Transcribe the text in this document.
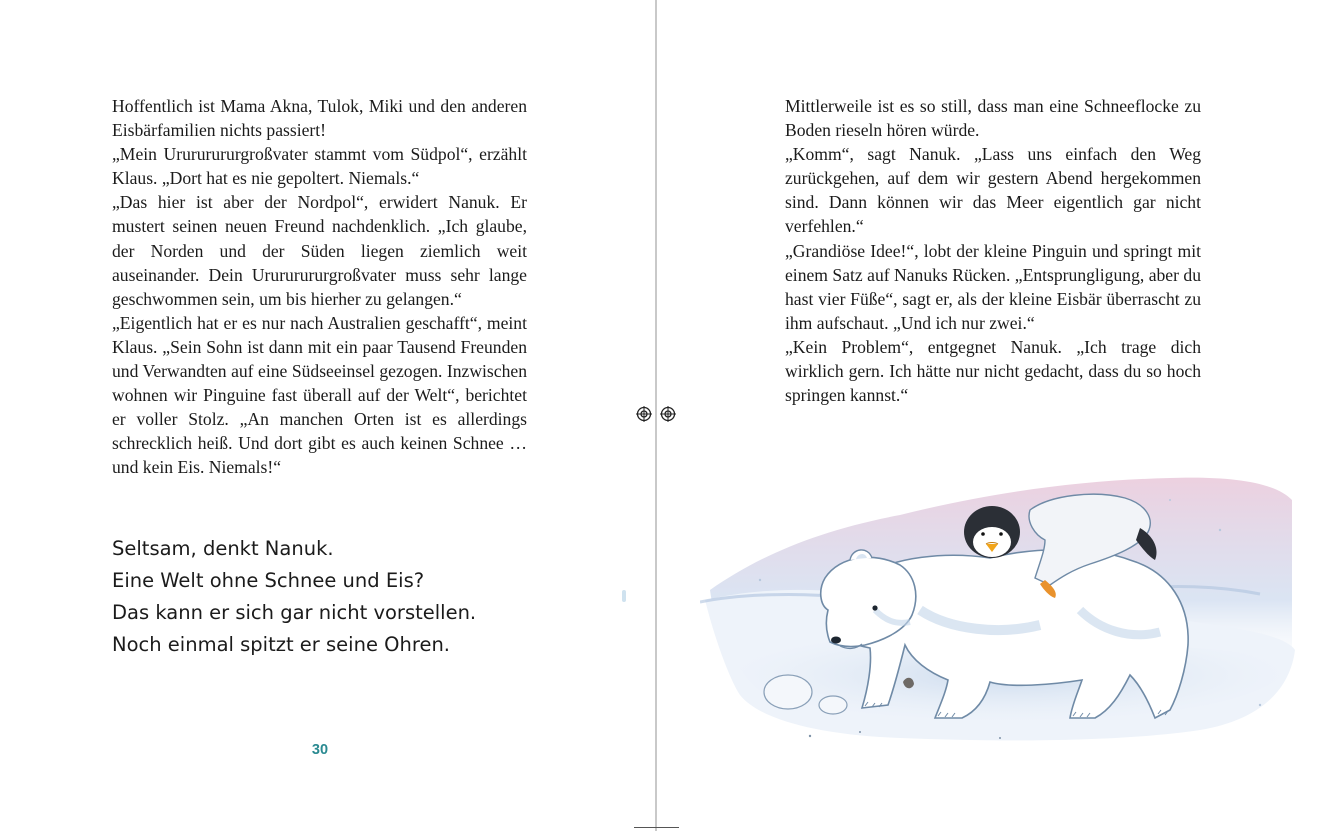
Hoffentlich ist Mama Akna, Tulok, Miki und den anderen Eisbärfamilien nichts passiert!

„Mein Urururururgroßvater stammt vom Südpol“, erzählt Klaus. „Dort hat es nie gepoltert. Niemals.“

„Das hier ist aber der Nordpol“, erwidert Nanuk. Er mustert seinen neuen Freund nachdenklich. „Ich glaube, der Norden und der Süden liegen ziemlich weit auseinander. Dein Urururururgroßvater muss sehr lange geschwommen sein, um bis hierher zu gelangen.“

„Eigentlich hat er es nur nach Australien geschafft“, meint Klaus. „Sein Sohn ist dann mit ein paar Tausend Freunden und Verwandten auf eine Südseeinsel gezogen. Inzwischen wohnen wir Pinguine fast überall auf der Welt“, berichtet er voller Stolz. „An manchen Orten ist es allerdings schrecklich heiß. Und dort gibt es auch keinen Schnee … und kein Eis. Niemals!“

Seltsam, denkt Nanuk.
Eine Welt ohne Schnee und Eis?
Das kann er sich gar nicht vorstellen.
Noch einmal spitzt er seine Ohren.
30

Mittlerweile ist es so still, dass man eine Schneeflocke zu Boden rieseln hören würde.

„Komm“, sagt Nanuk. „Lass uns einfach den Weg zurückgehen, auf dem wir gestern Abend hergekommen sind. Dann können wir das Meer eigentlich gar nicht verfehlen.“

„Grandiöse Idee!“, lobt der kleine Pinguin und springt mit einem Satz auf Nanuks Rücken. „Entsprungligung, aber du hast vier Füße“, sagt er, als der kleine Eisbär überrascht zu ihm aufschaut. „Und ich nur zwei.“

„Kein Problem“, entgegnet Nanuk. „Ich trage dich wirklich gern. Ich hätte nur nicht gedacht, dass du so hoch springen kannst.“
